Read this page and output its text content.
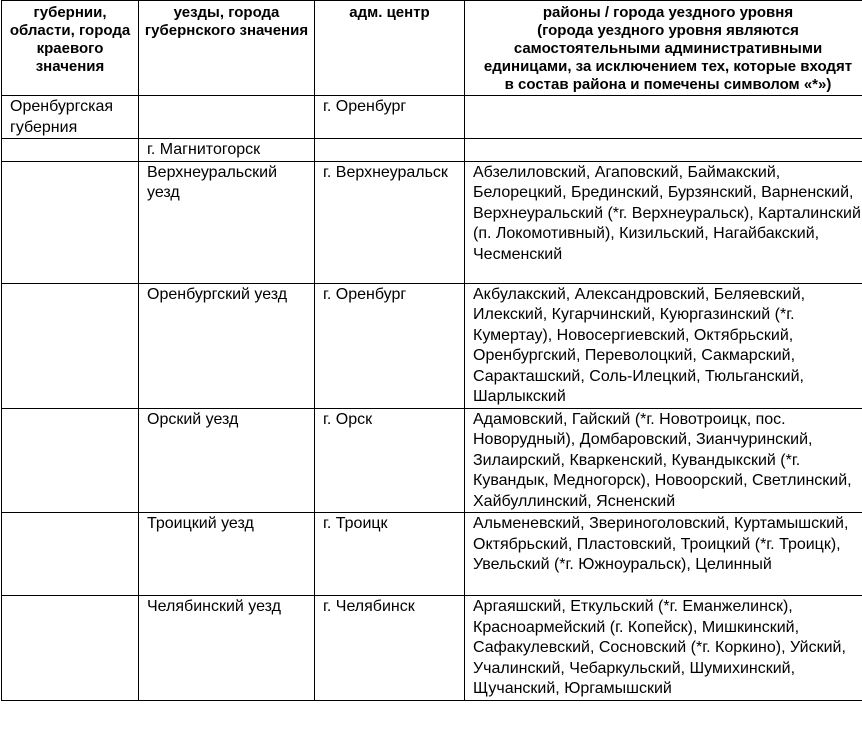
губернии, области, города краевого значения	уезды, города губернского значения	адм. центр	районы / города уездного уровня
(города уездного уровня являются
самостоятельными административными
единицами, за исключением тех, которые входят
в состав района и помечены символом «*»)

Оренбургская губерния		г. Оренбург	
	г. Магнитогорск		
	Верхнеуральский уезд	г. Верхнеуральск	Абзелиловский, Агаповский, Баймакский, Белорецкий, Брединский, Бурзянский, Варненский, Верхнеуральский (*г. Верхнеуральск), Карталинский (п. Локомотивный), Кизильский, Нагайбакский, Чесменский
	Оренбургский уезд	г. Оренбург	Акбулакский, Александровский, Беляевский, Илекский, Кугарчинский, Куюргазинский (*г. Кумертау), Новосергиевский, Октябрьский, Оренбургский, Переволоцкий, Сакмарский, Саракташский, Соль-Илецкий, Тюльганский, Шарлыкский
	Орский уезд	г. Орск	Адамовский, Гайский (*г. Новотроицк, пос. Новорудный), Домбаровский, Зианчуринский, Зилаирский, Кваркенский, Кувандыкский (*г. Кувандык, Медногорск), Новоорский, Светлинский, Хайбуллинский, Ясненский
	Троицкий уезд	г. Троицк	Альменевский, Звериноголовский, Куртамышский, Октябрьский, Пластовский, Троицкий (*г. Троицк), Увельский (*г. Южноуральск), Целинный
	Челябинский уезд	г. Челябинск	Аргаяшский, Еткульский (*г. Еманжелинск), Красноармейский (г. Копейск), Мишкинский, Сафакулевский, Сосновский (*г. Коркино), Уйский, Учалинский, Чебаркульский, Шумихинский, Щучанский, Юргамышский
